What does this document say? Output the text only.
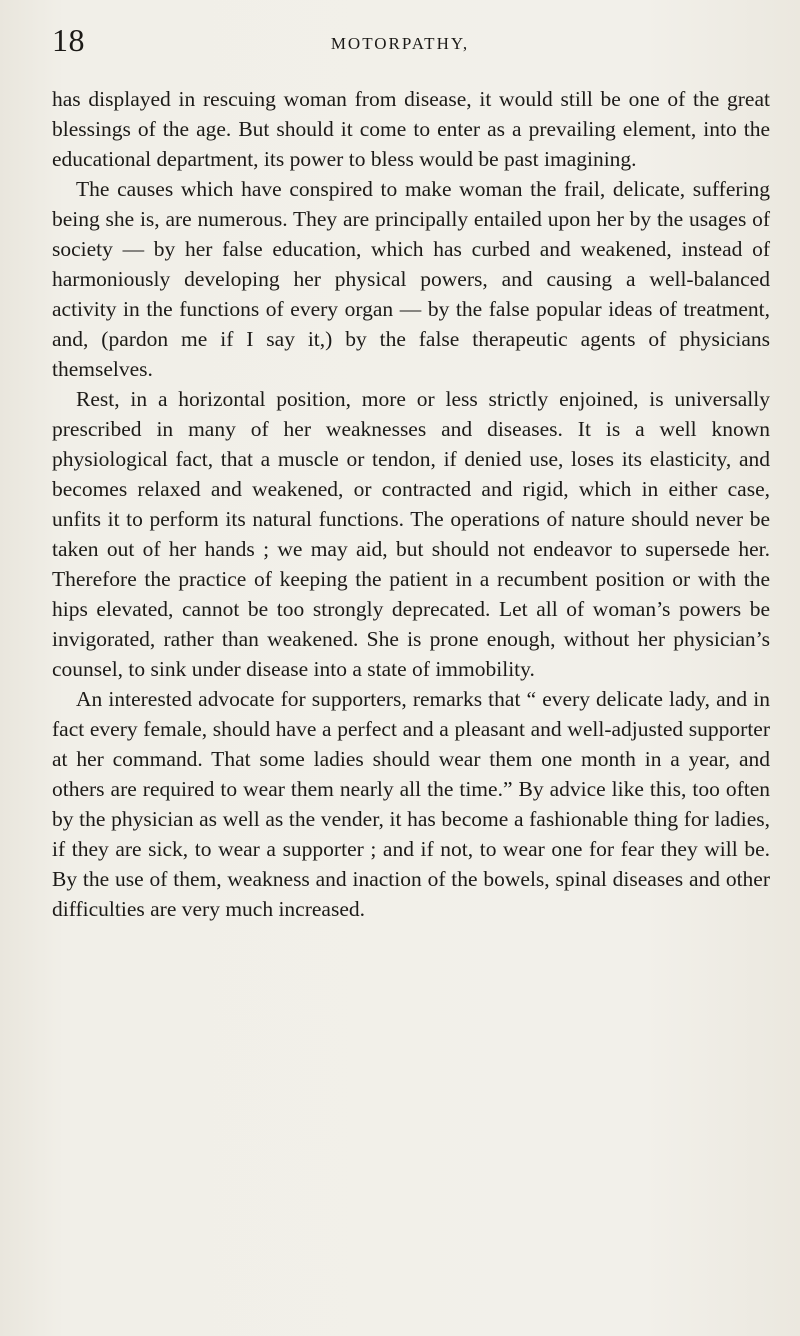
18	MOTORPATHY,

has displayed in rescuing woman from disease, it would still be one of the great blessings of the age. But should it come to enter as a prevailing element, into the educational department, its power to bless would be past imagining.

The causes which have conspired to make woman the frail, delicate, suffering being she is, are numerous. They are principally entailed upon her by the usages of society — by her false education, which has curbed and weakened, instead of harmoniously developing her physical powers, and causing a well-balanced activity in the functions of every organ — by the false popular ideas of treatment, and, (pardon me if I say it,) by the false therapeutic agents of physicians themselves.

Rest, in a horizontal position, more or less strictly enjoined, is universally prescribed in many of her weaknesses and diseases. It is a well known physiological fact, that a muscle or tendon, if denied use, loses its elasticity, and becomes relaxed and weakened, or contracted and rigid, which in either case, unfits it to perform its natural functions. The operations of nature should never be taken out of her hands ; we may aid, but should not endeavor to supersede her. Therefore the practice of keeping the patient in a recumbent position or with the hips elevated, cannot be too strongly deprecated. Let all of woman’s powers be invigorated, rather than weakened. She is prone enough, without her physician’s counsel, to sink under disease into a state of immobility.

An interested advocate for supporters, remarks that “ every delicate lady, and in fact every female, should have a perfect and a pleasant and well-adjusted supporter at her command. That some ladies should wear them one month in a year, and others are required to wear them nearly all the time.” By advice like this, too often by the physician as well as the vender, it has become a fashionable thing for ladies, if they are sick, to wear a supporter ; and if not, to wear one for fear they will be. By the use of them, weakness and inaction of the bowels, spinal diseases and other difficulties are very much increased.
